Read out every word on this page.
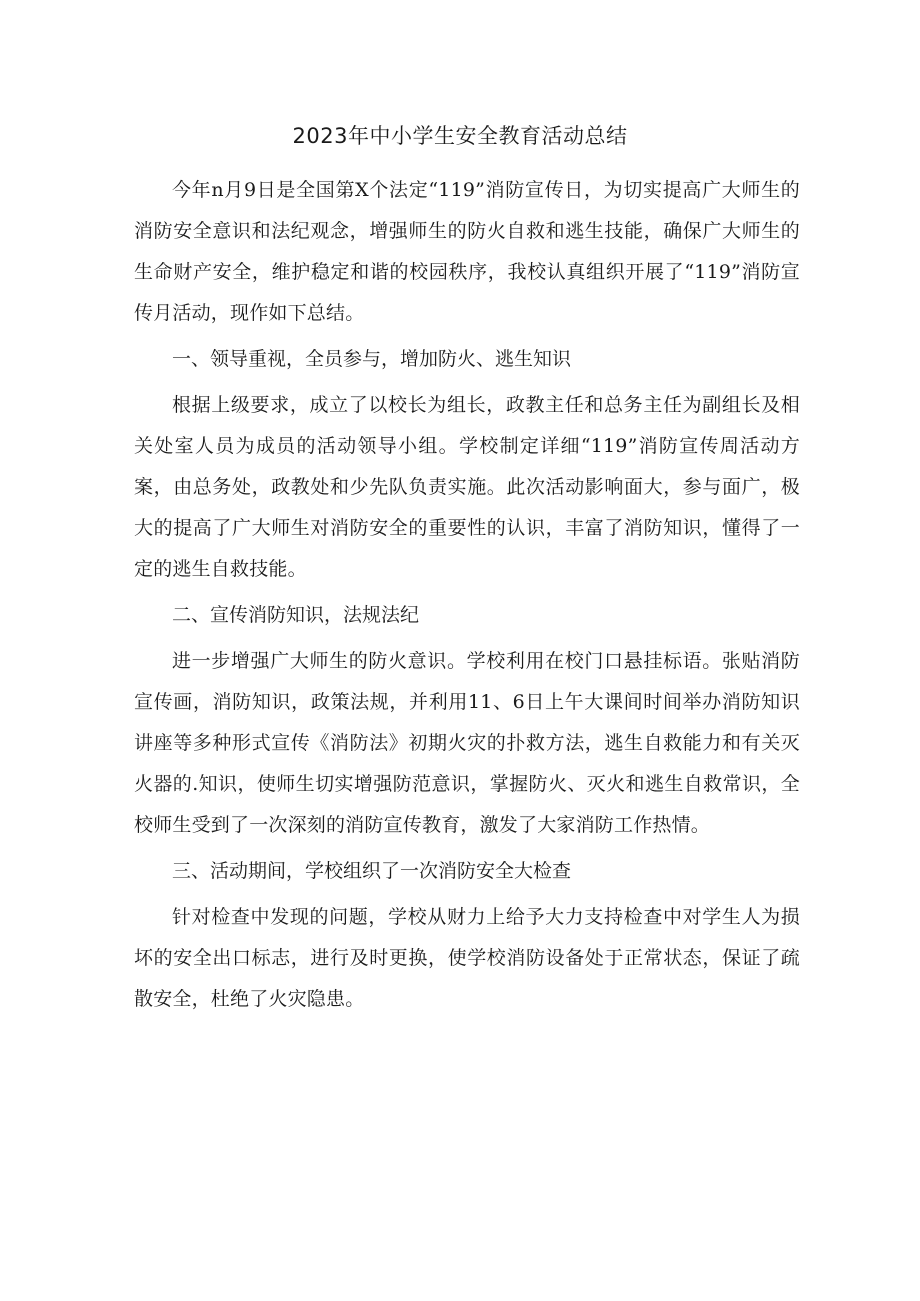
2023年中小学生安全教育活动总结

今年n月9日是全国第X个法定“119”消防宣传日，为切实提高广大师生的消防安全意识和法纪观念，增强师生的防火自救和逃生技能，确保广大师生的生命财产安全，维护稳定和谐的校园秩序，我校认真组织开展了“119”消防宣传月活动，现作如下总结。

一、领导重视，全员参与，增加防火、逃生知识

根据上级要求，成立了以校长为组长，政教主任和总务主任为副组长及相关处室人员为成员的活动领导小组。学校制定详细“119”消防宣传周活动方案，由总务处，政教处和少先队负责实施。此次活动影响面大，参与面广，极大的提高了广大师生对消防安全的重要性的认识，丰富了消防知识，懂得了一定的逃生自救技能。

二、宣传消防知识，法规法纪

进一步增强广大师生的防火意识。学校利用在校门口悬挂标语。张贴消防宣传画，消防知识，政策法规，并利用11、6日上午大课间时间举办消防知识讲座等多种形式宣传《消防法》初期火灾的扑救方法，逃生自救能力和有关灭火器的.知识，使师生切实增强防范意识，掌握防火、灭火和逃生自救常识，全校师生受到了一次深刻的消防宣传教育，激发了大家消防工作热情。

三、活动期间，学校组织了一次消防安全大检查

针对检查中发现的问题，学校从财力上给予大力支持检查中对学生人为损坏的安全出口标志，进行及时更换，使学校消防设备处于正常状态，保证了疏散安全，杜绝了火灾隐患。
